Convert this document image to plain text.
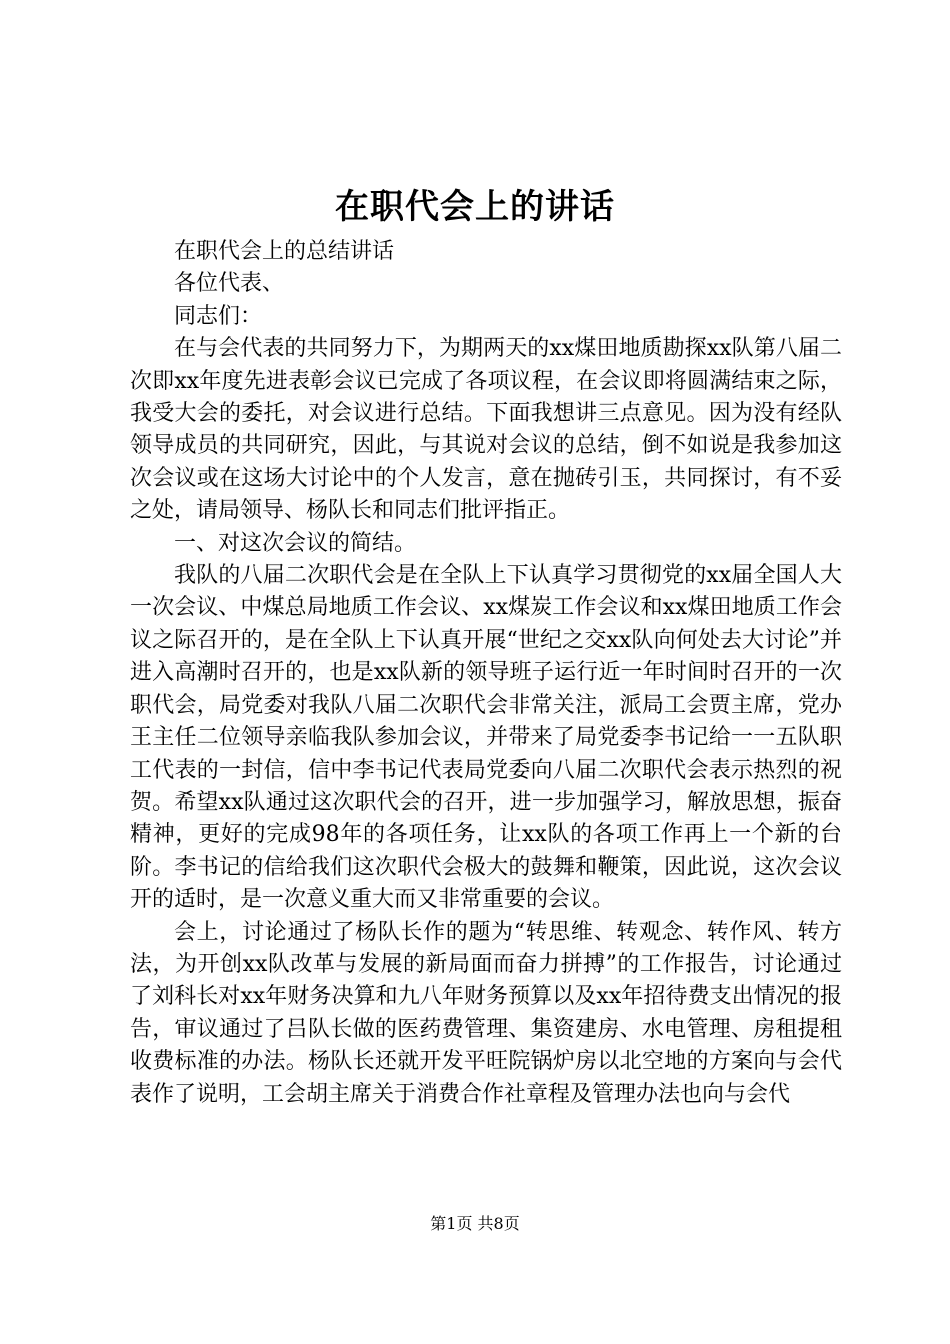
在职代会上的讲话

在职代会上的总结讲话

各位代表、

同志们：

在与会代表的共同努力下，为期两天的xx煤田地质勘探xx队第八届二次即xx年度先进表彰会议已完成了各项议程，在会议即将圆满结束之际，我受大会的委托，对会议进行总结。下面我想讲三点意见。因为没有经队领导成员的共同研究，因此，与其说对会议的总结，倒不如说是我参加这次会议或在这场大讨论中的个人发言，意在抛砖引玉，共同探讨，有不妥之处，请局领导、杨队长和同志们批评指正。

一、对这次会议的简结。

我队的八届二次职代会是在全队上下认真学习贯彻党的xx届全国人大一次会议、中煤总局地质工作会议、xx煤炭工作会议和xx煤田地质工作会议之际召开的，是在全队上下认真开展“世纪之交xx队向何处去大讨论”并进入高潮时召开的，也是xx队新的领导班子运行近一年时间时召开的一次职代会，局党委对我队八届二次职代会非常关注，派局工会贾主席，党办王主任二位领导亲临我队参加会议，并带来了局党委李书记给一一五队职工代表的一封信，信中李书记代表局党委向八届二次职代会表示热烈的祝贺。希望xx队通过这次职代会的召开，进一步加强学习，解放思想，振奋精神，更好的完成98年的各项任务，让xx队的各项工作再上一个新的台阶。李书记的信给我们这次职代会极大的鼓舞和鞭策，因此说，这次会议开的适时，是一次意义重大而又非常重要的会议。

会上，讨论通过了杨队长作的题为“转思维、转观念、转作风、转方法，为开创xx队改革与发展的新局面而奋力拼搏”的工作报告，讨论通过了刘科长对xx年财务决算和九八年财务预算以及xx年招待费支出情况的报告，审议通过了吕队长做的医药费管理、集资建房、水电管理、房租提租收费标准的办法。杨队长还就开发平旺院锅炉房以北空地的方案向与会代表作了说明，工会胡主席关于消费合作社章程及管理办法也向与会代

第1页 共8页
